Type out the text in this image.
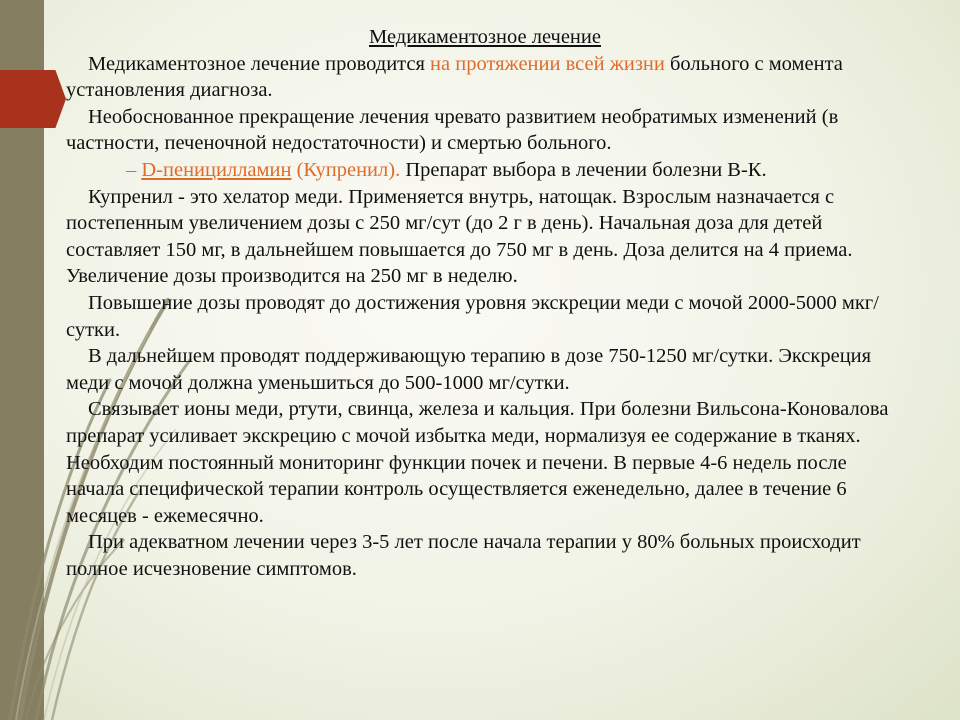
Медикаментозное лечение
Медикаментозное лечение проводится на протяжении всей жизни больного с момента установления диагноза.
Необоснованное прекращение лечения чревато развитием необратимых изменений (в частности, печеночной недостаточности) и смертью больного.
– D-пеницилламин (Купренил). Препарат выбора в лечении болезни В-К.
Купренил - это хелатор меди. Применяется внутрь, натощак. Взрослым назначается с постепенным увеличением дозы с 250 мг/сут (до 2 г в день). Начальная доза для детей составляет 150 мг, в дальнейшем повышается до 750 мг в день. Доза делится на 4 приема. Увеличение дозы производится на 250 мг в неделю.
Повышение дозы проводят до достижения уровня экскреции меди с мочой 2000-5000 мкг/сутки.
В дальнейшем проводят поддерживающую терапию в дозе 750-1250 мг/сутки. Экскреция меди с мочой должна уменьшиться до 500-1000 мг/сутки.
Связывает ионы меди, ртути, свинца, железа и кальция. При болезни Вильсона-Коновалова препарат усиливает экскрецию с мочой избытка меди, нормализуя ее содержание в тканях. Необходим постоянный мониторинг функции почек и печени. В первые 4-6 недель после начала специфической терапии контроль осуществляется еженедельно, далее в течение 6 месяцев - ежемесячно.
При адекватном лечении через 3-5 лет после начала терапии у 80% больных происходит полное исчезновение симптомов.
